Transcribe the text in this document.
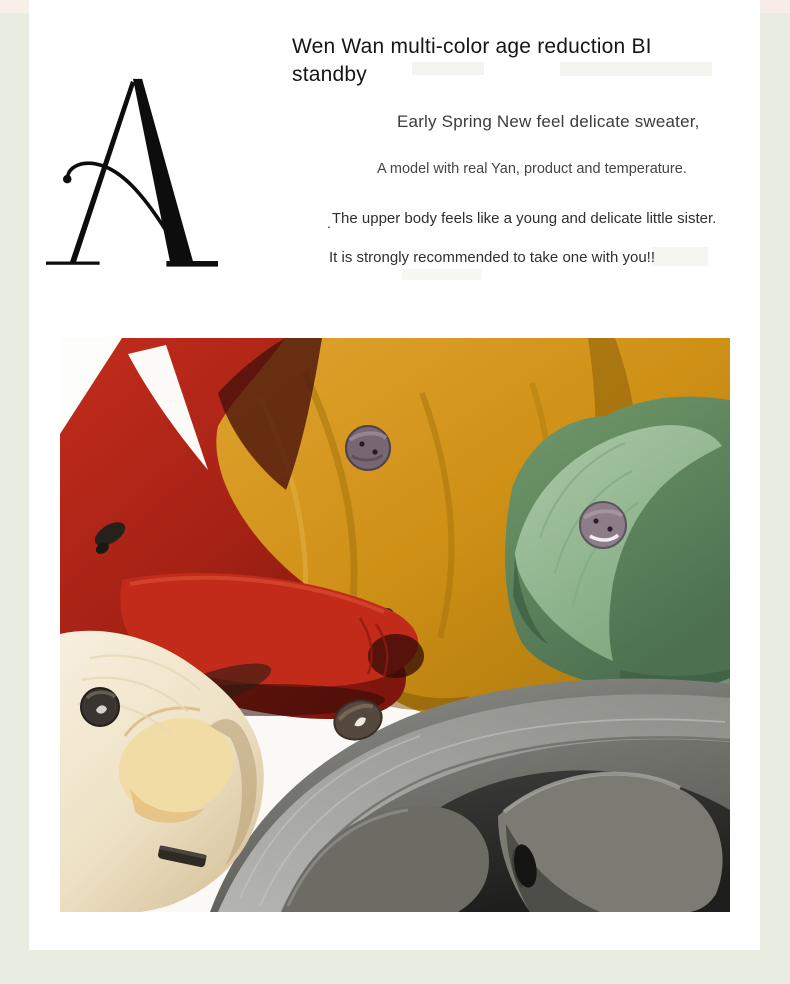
Wen Wan multi-color age reduction BI standby
Early Spring New feel delicate sweater,
A model with real Yan, product and temperature.
.The upper body feels like a young and delicate little sister.
It is strongly recommended to take one with you!!
